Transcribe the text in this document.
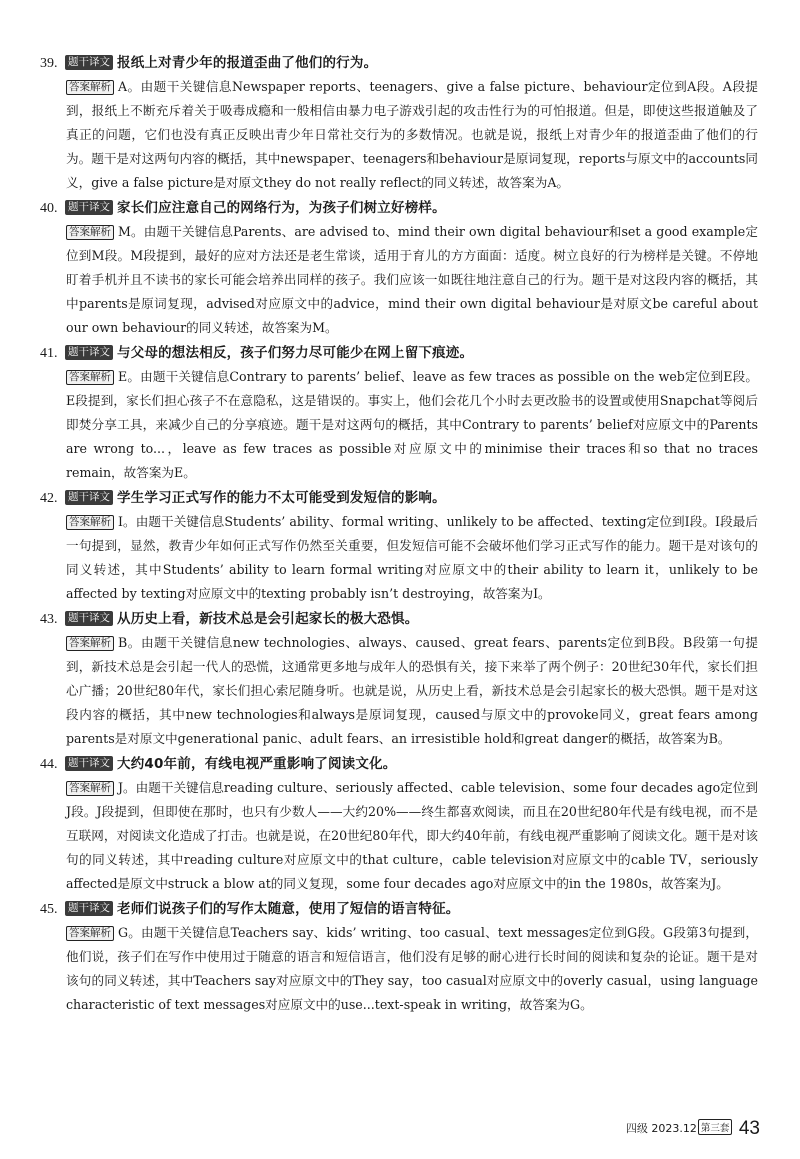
39. 题干译文 报纸上对青少年的报道歪曲了他们的行为。
答案解析 A。由题干关键信息Newspaper reports、teenagers、give a false picture、behaviour定位到A段。A段提到，报纸上不断充斥着关于吸毒成瘾和一般相信由暴力电子游戏引起的攻击性行为的可怕报道。但是，即使这些报道触及了真正的问题，它们也没有真正反映出青少年日常社交行为的多数情况。也就是说，报纸上对青少年的报道歪曲了他们的行为。题干是对这两句内容的概括，其中newspaper、teenagers和behaviour是原词复现，reports与原文中的accounts同义，give a false picture是对原文they do not really reflect的同义转述，故答案为A。
40. 题干译文 家长们应注意自己的网络行为，为孩子们树立好榜样。
答案解析 M。由题干关键信息Parents、are advised to、mind their own digital behaviour和set a good example定位到M段。M段提到，最好的应对方法还是老生常谈，适用于育儿的方方面面：适度。树立良好的行为榜样是关键。不停地盯着手机并且不读书的家长可能会培养出同样的孩子。我们应该一如既往地注意自己的行为。题干是对这段内容的概括，其中parents是原词复现，advised对应原文中的advice，mind their own digital behaviour是对原文be careful about our own behaviour的同义转述，故答案为M。
41. 题干译文 与父母的想法相反，孩子们努力尽可能少在网上留下痕迹。
答案解析 E。由题干关键信息Contrary to parents’ belief、leave as few traces as possible on the web定位到E段。E段提到，家长们担心孩子不在意隐私，这是错误的。事实上，他们会花几个小时去更改脸书的设置或使用Snapchat等阅后即焚分享工具，来减少自己的分享痕迹。题干是对这两句的概括，其中Contrary to parents’ belief对应原文中的Parents are wrong to...，leave as few traces as possible对应原文中的minimise their traces和so that no traces remain，故答案为E。
42. 题干译文 学生学习正式写作的能力不太可能受到发短信的影响。
答案解析 I。由题干关键信息Students’ ability、formal writing、unlikely to be affected、texting定位到I段。I段最后一句提到，显然，教青少年如何正式写作仍然至关重要，但发短信可能不会破坏他们学习正式写作的能力。题干是对该句的同义转述，其中Students’ ability to learn formal writing对应原文中的their ability to learn it，unlikely to be affected by texting对应原文中的texting probably isn’t destroying，故答案为I。
43. 题干译文 从历史上看，新技术总是会引起家长的极大恐惧。
答案解析 B。由题干关键信息new technologies、always、caused、great fears、parents定位到B段。B段第一句提到，新技术总是会引起一代人的恐慌，这通常更多地与成年人的恐惧有关，接下来举了两个例子：20世纪30年代，家长们担心广播；20世纪80年代，家长们担心索尼随身听。也就是说，从历史上看，新技术总是会引起家长的极大恐惧。题干是对这段内容的概括，其中new technologies和always是原词复现，caused与原文中的provoke同义，great fears among parents是对原文中generational panic、adult fears、an irresistible hold和great danger的概括，故答案为B。
44. 题干译文 大约40年前，有线电视严重影响了阅读文化。
答案解析 J。由题干关键信息reading culture、seriously affected、cable television、some four decades ago定位到J段。J段提到，但即使在那时，也只有少数人——大约20%——终生都喜欢阅读，而且在20世纪80年代是有线电视，而不是互联网，对阅读文化造成了打击。也就是说，在20世纪80年代，即大约40年前，有线电视严重影响了阅读文化。题干是对该句的同义转述，其中reading culture对应原文中的that culture，cable television对应原文中的cable TV，seriously affected是原文中struck a blow at的同义复现，some four decades ago对应原文中的in the 1980s，故答案为J。
45. 题干译文 老师们说孩子们的写作太随意，使用了短信的语言特征。
答案解析 G。由题干关键信息Teachers say、kids’ writing、too casual、text messages定位到G段。G段第3句提到，他们说，孩子们在写作中使用过于随意的语言和短信语言，他们没有足够的耐心进行长时间的阅读和复杂的论证。题干是对该句的同义转述，其中Teachers say对应原文中的They say，too casual对应原文中的overly casual，using language characteristic of text messages对应原文中的use...text-speak in writing，故答案为G。
四级 2023.12 第三套 43
